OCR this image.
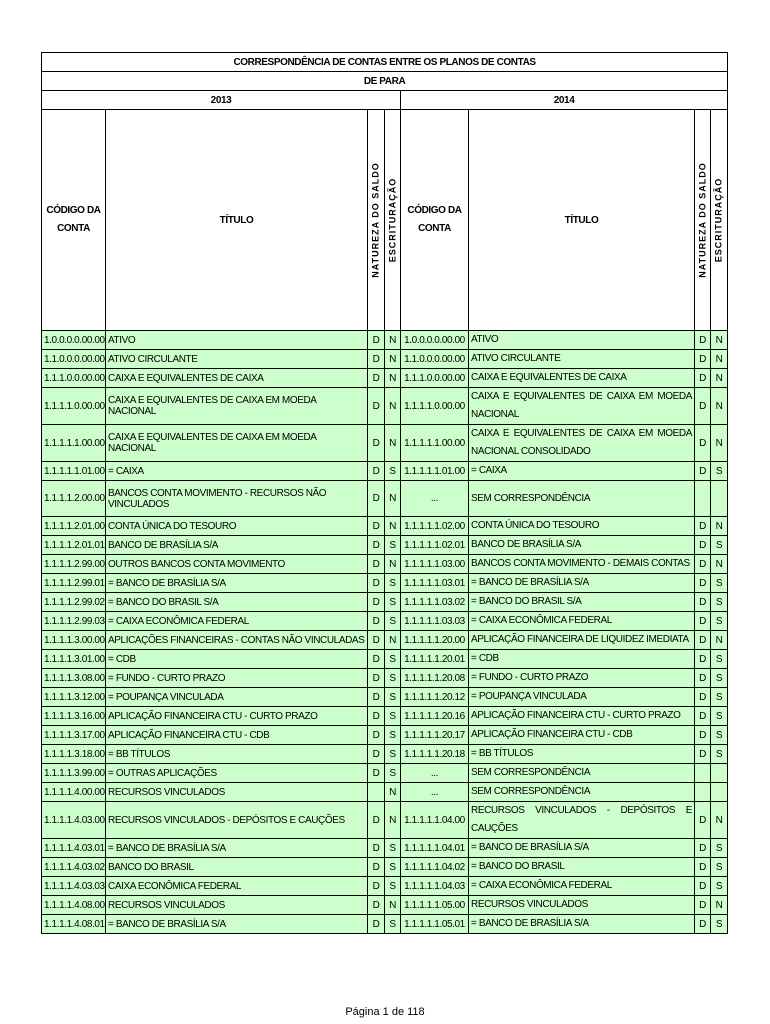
CORRESPONDÊNCIA DE CONTAS ENTRE OS PLANOS DE CONTAS							
DE PARA							
2013				2014			
CÓDIGO DA CONTA	TÍTULO	NATUREZA DO SALDO	ESCRITURAÇÃO	CÓDIGO DA CONTA	TÍTULO	NATUREZA DO SALDO	ESCRITURAÇÃO

1.0.0.0.0.00.00	ATIVO	D	N	1.0.0.0.0.00.00	ATIVO	D	N
1.1.0.0.0.00.00	ATIVO CIRCULANTE	D	N	1.1.0.0.0.00.00	ATIVO CIRCULANTE	D	N
1.1.1.0.0.00.00	CAIXA E EQUIVALENTES DE CAIXA	D	N	1.1.1.0.0.00.00	CAIXA E EQUIVALENTES DE CAIXA	D	N
1.1.1.1.0.00.00	CAIXA E EQUIVALENTES DE CAIXA EM MOEDA NACIONAL	D	N	1.1.1.1.0.00.00	CAIXA E EQUIVALENTES DE CAIXA EM MOEDA NACIONAL	D	N
1.1.1.1.1.00.00	CAIXA E EQUIVALENTES DE CAIXA EM MOEDA NACIONAL	D	N	1.1.1.1.1.00.00	CAIXA E EQUIVALENTES DE CAIXA EM MOEDA NACIONAL CONSOLIDADO	D	N
1.1.1.1.1.01.00	= CAIXA	D	S	1.1.1.1.1.01.00	= CAIXA	D	S
1.1.1.1.2.00.00	BANCOS CONTA MOVIMENTO - RECURSOS NÃO VINCULADOS	D	N	...	SEM CORRESPONDÊNCIA		
1.1.1.1.2.01.00	CONTA ÚNICA DO TESOURO	D	N	1.1.1.1.1.02.00	CONTA ÚNICA DO TESOURO	D	N
1.1.1.1.2.01.01	BANCO DE BRASÍLIA S/A	D	S	1.1.1.1.1.02.01	BANCO DE BRASÍLIA S/A	D	S
1.1.1.1.2.99.00	OUTROS BANCOS CONTA MOVIMENTO	D	N	1.1.1.1.1.03.00	BANCOS CONTA MOVIMENTO - DEMAIS CONTAS	D	N
1.1.1.1.2.99.01	= BANCO DE BRASÍLIA S/A	D	S	1.1.1.1.1.03.01	= BANCO DE BRASÍLIA S/A	D	S
1.1.1.1.2.99.02	= BANCO DO BRASIL S/A	D	S	1.1.1.1.1.03.02	= BANCO DO BRASIL S/A	D	S
1.1.1.1.2.99.03	= CAIXA ECONÔMICA FEDERAL	D	S	1.1.1.1.1.03.03	= CAIXA ECONÔMICA FEDERAL	D	S
1.1.1.1.3.00.00	APLICAÇÕES FINANCEIRAS - CONTAS NÃO VINCULADAS	D	N	1.1.1.1.1.20.00	APLICAÇÃO FINANCEIRA DE LIQUIDEZ IMEDIATA	D	N
1.1.1.1.3.01.00	= CDB	D	S	1.1.1.1.1.20.01	= CDB	D	S
1.1.1.1.3.08.00	= FUNDO - CURTO PRAZO	D	S	1.1.1.1.1.20.08	= FUNDO - CURTO PRAZO	D	S
1.1.1.1.3.12.00	= POUPANÇA VINCULADA	D	S	1.1.1.1.1.20.12	= POUPANÇA VINCULADA	D	S
1.1.1.1.3.16.00	APLICAÇÃO FINANCEIRA CTU - CURTO PRAZO	D	S	1.1.1.1.1.20.16	APLICAÇÃO FINANCEIRA CTU - CURTO PRAZO	D	S
1.1.1.1.3.17.00	APLICAÇÃO FINANCEIRA CTU - CDB	D	S	1.1.1.1.1.20.17	APLICAÇÃO FINANCEIRA CTU - CDB	D	S
1.1.1.1.3.18.00	= BB TÍTULOS	D	S	1.1.1.1.1.20.18	= BB TÍTULOS	D	S
1.1.1.1.3.99.00	= OUTRAS APLICAÇÕES	D	S	...	SEM CORRESPONDÊNCIA		
1.1.1.1.4.00.00	RECURSOS VINCULADOS		N	...	SEM CORRESPONDÊNCIA		
1.1.1.1.4.03.00	RECURSOS VINCULADOS - DEPÓSITOS E CAUÇÕES	D	N	1.1.1.1.1.04.00	RECURSOS VINCULADOS - DEPÓSITOS E CAUÇÕES	D	N
1.1.1.1.4.03.01	= BANCO DE BRASÍLIA S/A	D	S	1.1.1.1.1.04.01	= BANCO DE BRASÍLIA S/A	D	S
1.1.1.1.4.03.02	BANCO DO BRASIL	D	S	1.1.1.1.1.04.02	= BANCO DO BRASIL	D	S
1.1.1.1.4.03.03	CAIXA ECONÔMICA FEDERAL	D	S	1.1.1.1.1.04.03	= CAIXA ECONÔMICA FEDERAL	D	S
1.1.1.1.4.08.00	RECURSOS VINCULADOS	D	N	1.1.1.1.1.05.00	RECURSOS VINCULADOS	D	N
1.1.1.1.4.08.01	= BANCO DE BRASÍLIA S/A	D	S	1.1.1.1.1.05.01	= BANCO DE BRASÍLIA S/A	D	S
Página 1 de 118
